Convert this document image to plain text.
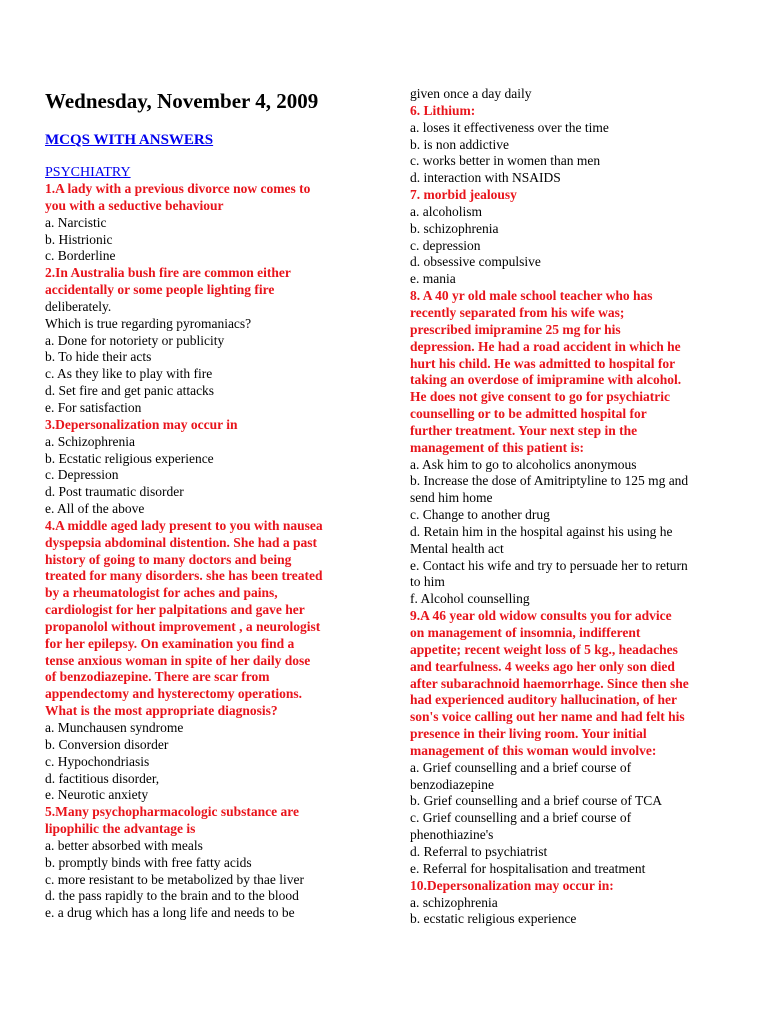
Wednesday, November 4, 2009
MCQS WITH ANSWERS
PSYCHIATRY
1.A lady with a previous divorce now comes to
you with a seductive behaviour
a. Narcistic
b. Histrionic
c. Borderline
2.In Australia bush fire are common either
accidentally or some people lighting fire
deliberately.
Which is true regarding pyromaniacs?
a. Done for notoriety or publicity
b. To hide their acts
c. As they like to play with fire
d. Set fire and get panic attacks
e. For satisfaction
3.Depersonalization may occur in
a. Schizophrenia
b. Ecstatic religious experience
c. Depression
d. Post traumatic disorder
e. All of the above
4.A middle aged lady present to you with nausea
dyspepsia abdominal distention. She had a past
history of going to many doctors and being
treated for many disorders. she has been treated
by a rheumatologist for aches and pains,
cardiologist for her palpitations and gave her
propanolol without improvement , a neurologist
for her epilepsy. On examination you find a
tense anxious woman in spite of her daily dose
of benzodiazepine. There are scar from
appendectomy and hysterectomy operations.
What is the most appropriate diagnosis?
a. Munchausen syndrome
b. Conversion disorder
c. Hypochondriasis
d. factitious disorder,
e. Neurotic anxiety
5.Many psychopharmacologic substance are
lipophilic the advantage is
a. better absorbed with meals
b. promptly binds with free fatty acids
c. more resistant to be metabolized by thae liver
d. the pass rapidly to the brain and to the blood
e. a drug which has a long life and needs to be
given once a day daily
6. Lithium:
a. loses it effectiveness over the time
b. is non addictive
c. works better in women than men
d. interaction with NSAIDS
7. morbid jealousy
a. alcoholism
b. schizophrenia
c. depression
d. obsessive compulsive
e. mania
8. A 40 yr old male school teacher who has
recently separated from his wife was;
prescribed imipramine 25 mg for his
depression. He had a road accident in which he
hurt his child. He was admitted to hospital for
taking an overdose of imipramine with alcohol.
He does not give consent to go for psychiatric
counselling or to be admitted hospital for
further treatment. Your next step in the
management of this patient is:
a. Ask him to go to alcoholics anonymous
b. Increase the dose of Amitriptyline to 125 mg and
send him home
c. Change to another drug
d. Retain him in the hospital against his using he
Mental health act
e. Contact his wife and try to persuade her to return
to him
f. Alcohol counselling
9.A 46 year old widow consults you for advice
on management of insomnia, indifferent
appetite; recent weight loss of 5 kg., headaches
and tearfulness. 4 weeks ago her only son died
after subarachnoid haemorrhage. Since then she
had experienced auditory hallucination, of her
son's voice calling out her name and had felt his
presence in their living room. Your initial
management of this woman would involve:
a. Grief counselling and a brief course of
benzodiazepine
b. Grief counselling and a brief course of TCA
c. Grief counselling and a brief course of
phenothiazine's
d. Referral to psychiatrist
e. Referral for hospitalisation and treatment
10.Depersonalization may occur in:
a. schizophrenia
b. ecstatic religious experience
